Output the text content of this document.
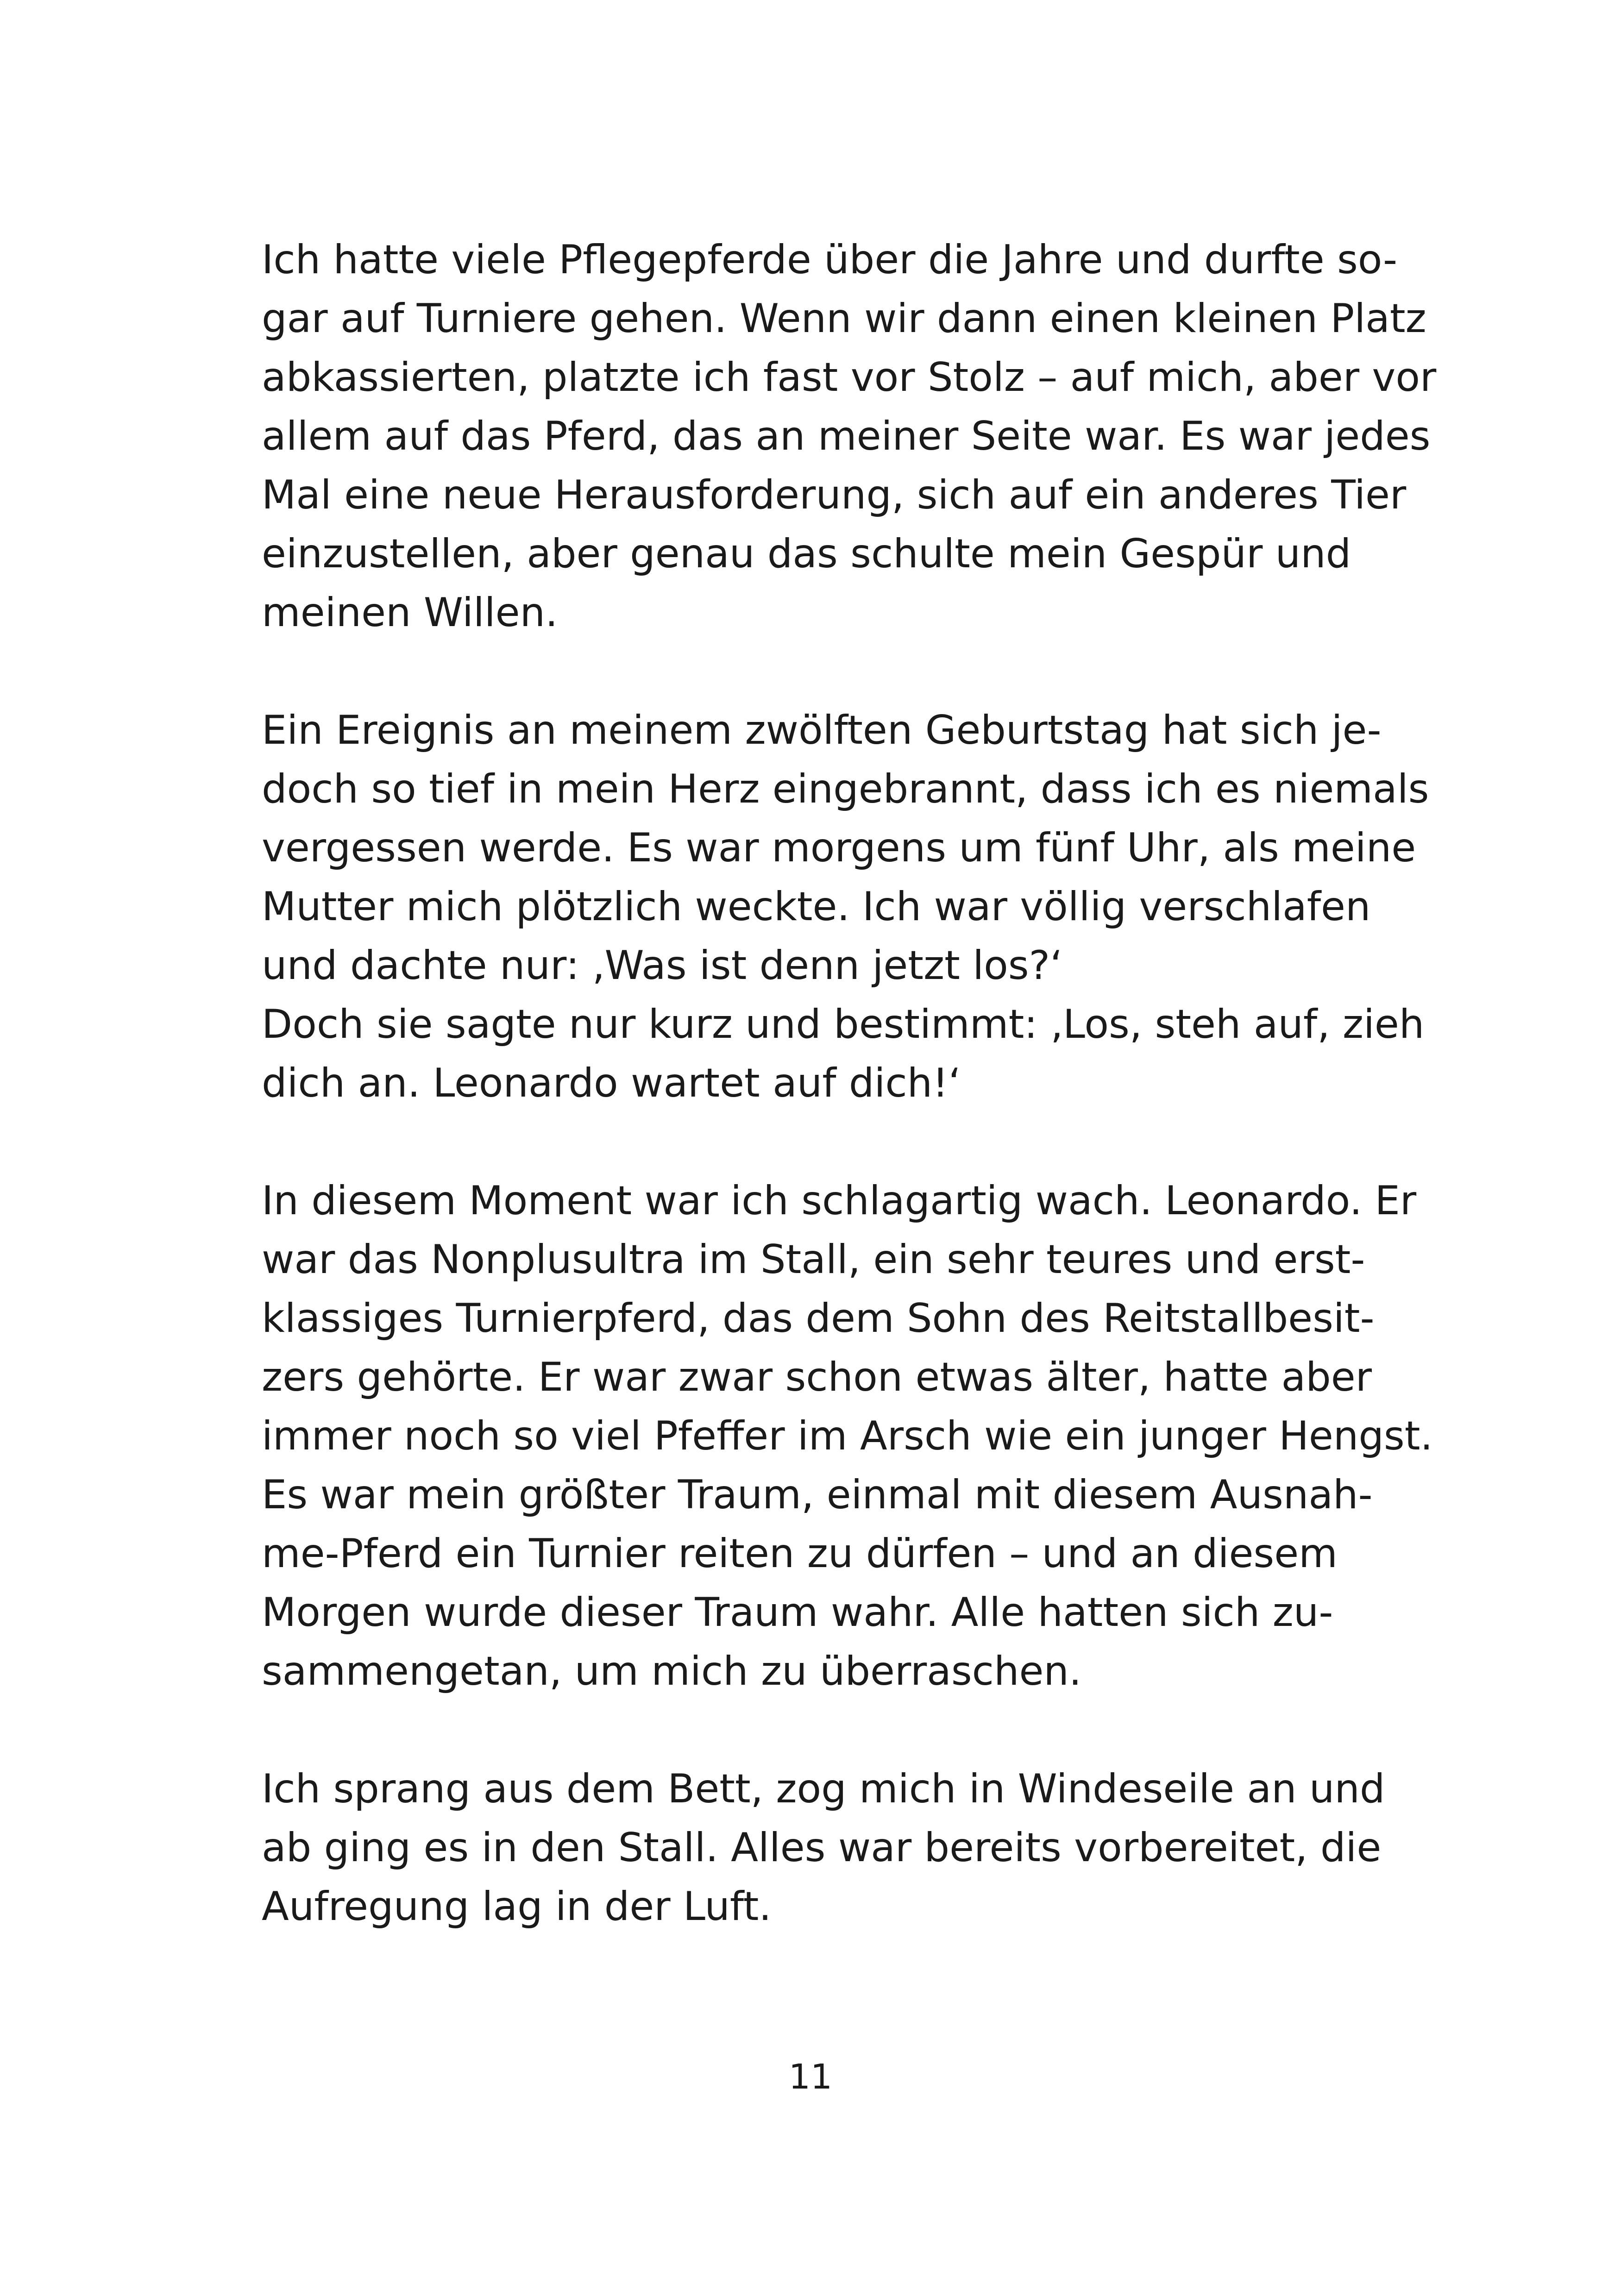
Ich hatte viele Pflegepferde über die Jahre und durfte so-
gar auf Turniere gehen. Wenn wir dann einen kleinen Platz
abkassierten, platzte ich fast vor Stolz – auf mich, aber vor
allem auf das Pferd, das an meiner Seite war. Es war jedes
Mal eine neue Herausforderung, sich auf ein anderes Tier
einzustellen, aber genau das schulte mein Gespür und
meinen Willen.
Ein Ereignis an meinem zwölften Geburtstag hat sich je-
doch so tief in mein Herz eingebrannt, dass ich es niemals
vergessen werde. Es war morgens um fünf Uhr, als meine
Mutter mich plötzlich weckte. Ich war völlig verschlafen
und dachte nur: ‚Was ist denn jetzt los?‘
Doch sie sagte nur kurz und bestimmt: ‚Los, steh auf, zieh
dich an. Leonardo wartet auf dich!‘
In diesem Moment war ich schlagartig wach. Leonardo. Er
war das Nonplusultra im Stall, ein sehr teures und erst-
klassiges Turnierpferd, das dem Sohn des Reitstallbesit-
zers gehörte. Er war zwar schon etwas älter, hatte aber
immer noch so viel Pfeffer im Arsch wie ein junger Hengst.
Es war mein größter Traum, einmal mit diesem Ausnah-
me-Pferd ein Turnier reiten zu dürfen – und an diesem
Morgen wurde dieser Traum wahr. Alle hatten sich zu-
sammengetan, um mich zu überraschen.
Ich sprang aus dem Bett, zog mich in Windeseile an und
ab ging es in den Stall. Alles war bereits vorbereitet, die
Aufregung lag in der Luft.
11
